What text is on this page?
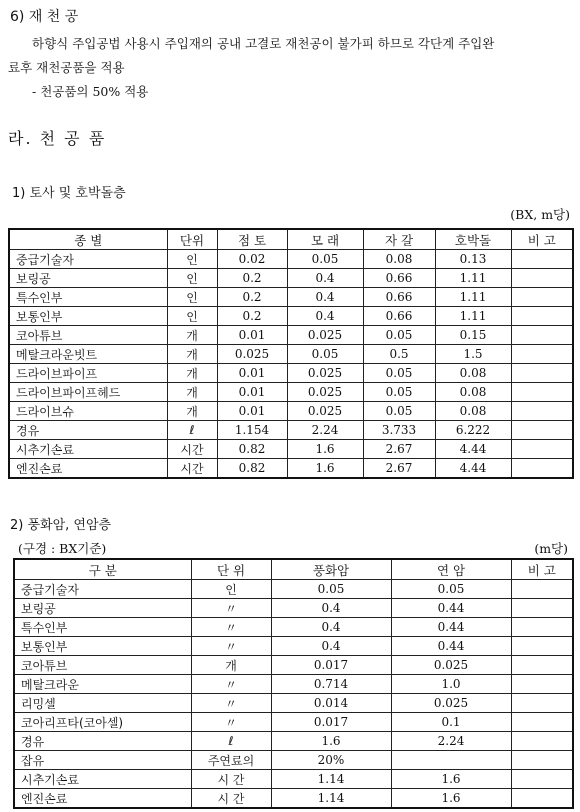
6) 재 천 공
하향식 주입공법 사용시 주입재의 공내 고결로 재천공이 불가피 하므로 각단계 주입완
료후 재천공품을 적용
- 천공품의 50% 적용
라. 천 공 품
1) 토사 및 호박돌층
(BX, m당)
종 별	단위	점 토	모 래	자 갈	호박돌	비 고
중급기술자	인	0.02	0.05	0.08	0.13	
보링공	인	0.2	0.4	0.66	1.11	
특수인부	인	0.2	0.4	0.66	1.11	
보통인부	인	0.2	0.4	0.66	1.11	
코아튜브	개	0.01	0.025	0.05	0.15	
메탈크라운빗트	개	0.025	0.05	0.5	1.5	
드라이브파이프	개	0.01	0.025	0.05	0.08	
드라이브파이프헤드	개	0.01	0.025	0.05	0.08	
드라이브슈	개	0.01	0.025	0.05	0.08	
경유	ℓ	1.154	2.24	3.733	6.222	
시추기손료	시간	0.82	1.6	2.67	4.44	
엔진손료	시간	0.82	1.6	2.67	4.44	
2) 풍화암, 연암층
(구경 : BX기준)	(m당)
구 분	단 위	풍화암	연 암	비 고
중급기술자	인	0.05	0.05	
보링공	〃	0.4	0.44	
특수인부	〃	0.4	0.44	
보통인부	〃	0.4	0.44	
코아튜브	개	0.017	0.025	
메탈크라운	〃	0.714	1.0	
리밍셀	〃	0.014	0.025	
코아리프타(코아셀)	〃	0.017	0.1	
경유	ℓ	1.6	2.24	
잡유	주연료의	20%		
시추기손료	시 간	1.14	1.6	
엔진손료	시 간	1.14	1.6	
